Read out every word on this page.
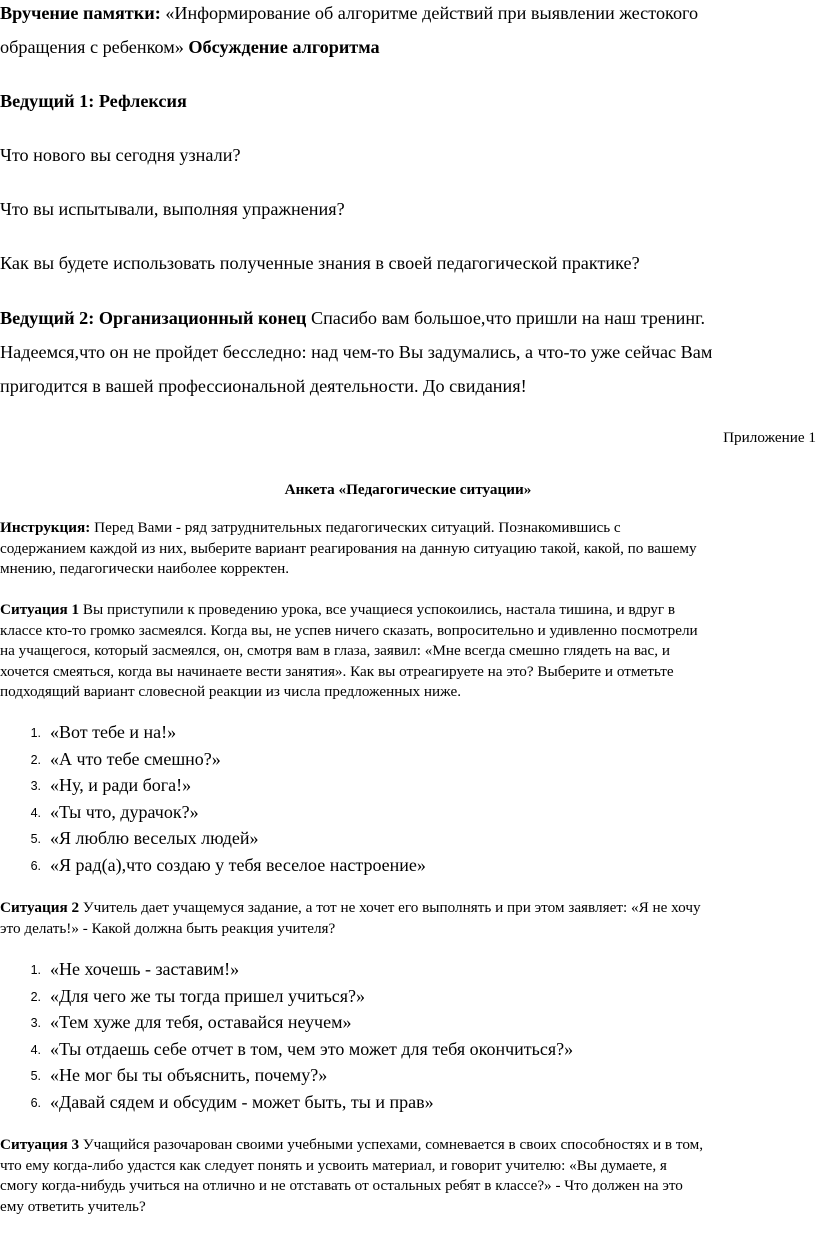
Вручение памятки: «Информирование об алгоритме действий при выявлении жестокого

обращения с ребенком» Обсуждение алгоритма

Ведущий 1: Рефлексия

Что нового вы сегодня узнали?

Что вы испытывали, выполняя упражнения?

Как вы будете использовать полученные знания в своей педагогической практике?

Ведущий 2: Организационный конец Спасибо вам большое,что пришли на наш тренинг.

Надеемся,что он не пройдет бесследно: над чем-то Вы задумались, а что-то уже сейчас Вам

пригодится в вашей профессиональной деятельности. До свидания!

Приложение 1

Анкета «Педагогические ситуации»

Инструкция: Перед Вами - ряд затруднительных педагогических ситуаций. Познакомившись с

содержанием каждой из них, выберите вариант реагирования на данную ситуацию такой, какой, по вашему

мнению, педагогически наиболее корректен.

Ситуация 1 Вы приступили к проведению урока, все учащиеся успокоились, настала тишина, и вдруг в

классе кто-то громко засмеялся. Когда вы, не успев ничего сказать, вопросительно и удивленно посмотрели

на учащегося, который засмеялся, он, смотря вам в глаза, заявил: «Мне всегда смешно глядеть на вас, и

хочется смеяться, когда вы начинаете вести занятия». Как вы отреагируете на это? Выберите и отметьте

подходящий вариант словесной реакции из числа предложенных ниже.

1. «Вот тебе и на!»
2. «А что тебе смешно?»
3. «Ну, и ради бога!»
4. «Ты что, дурачок?»
5. «Я люблю веселых людей»
6. «Я рад(а),что создаю у тебя веселое настроение»

Ситуация 2 Учитель дает учащемуся задание, а тот не хочет его выполнять и при этом заявляет: «Я не хочу

это делать!» - Какой должна быть реакция учителя?

1. «Не хочешь - заставим!»
2. «Для чего же ты тогда пришел учиться?»
3. «Тем хуже для тебя, оставайся неучем»
4. «Ты отдаешь себе отчет в том, чем это может для тебя окончиться?»
5. «Не мог бы ты объяснить, почему?»
6. «Давай сядем и обсудим - может быть, ты и прав»

Ситуация 3 Учащийся разочарован своими учебными успехами, сомневается в своих способностях и в том,

что ему когда-либо удастся как следует понять и усвоить материал, и говорит учителю: «Вы думаете, я

смогу когда-нибудь учиться на отлично и не отставать от остальных ребят в классе?» - Что должен на это

ему ответить учитель?
